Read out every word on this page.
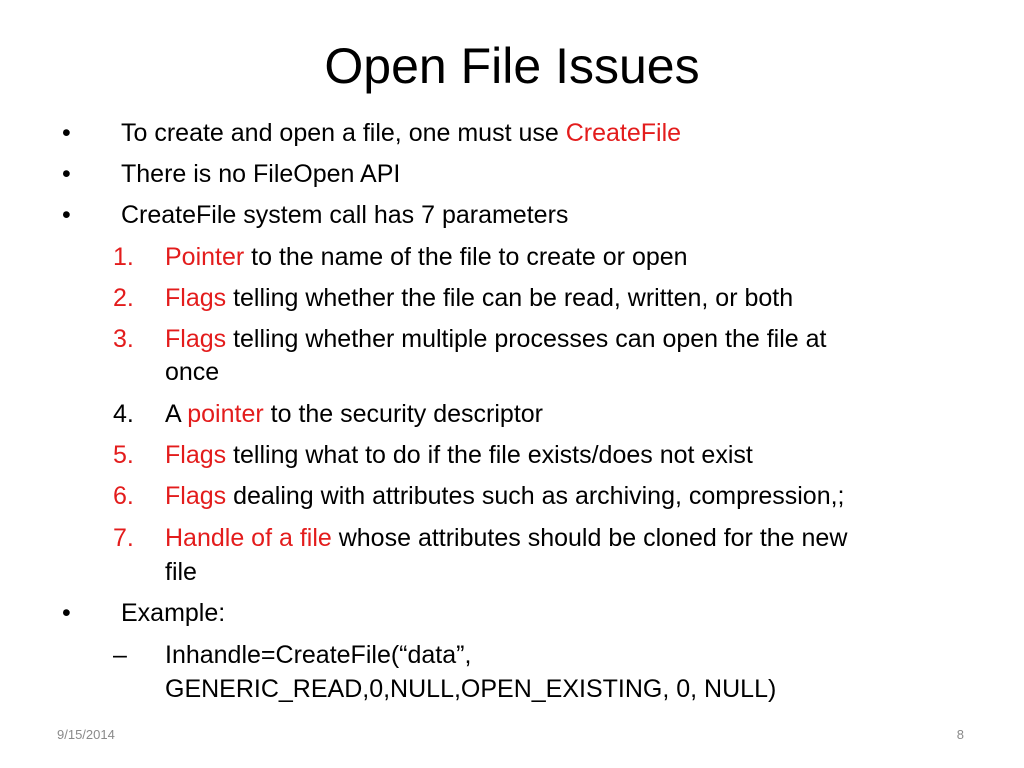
Open File Issues
• To create and open a file, one must use CreateFile
• There is no FileOpen API
• CreateFile system call has 7 parameters
1. Pointer to the name of the file to create or open
2. Flags telling whether the file can be read, written, or both
3. Flags telling whether multiple processes can open the file at
once
4. A pointer to the security descriptor
5. Flags telling what to do if the file exists/does not exist
6. Flags dealing with attributes such as archiving, compression,;
7. Handle of a file whose attributes should be cloned for the new
file
• Example:
– Inhandle=CreateFile(“data”,
GENERIC_READ,0,NULL,OPEN_EXISTING, 0, NULL)
9/15/2014	8
